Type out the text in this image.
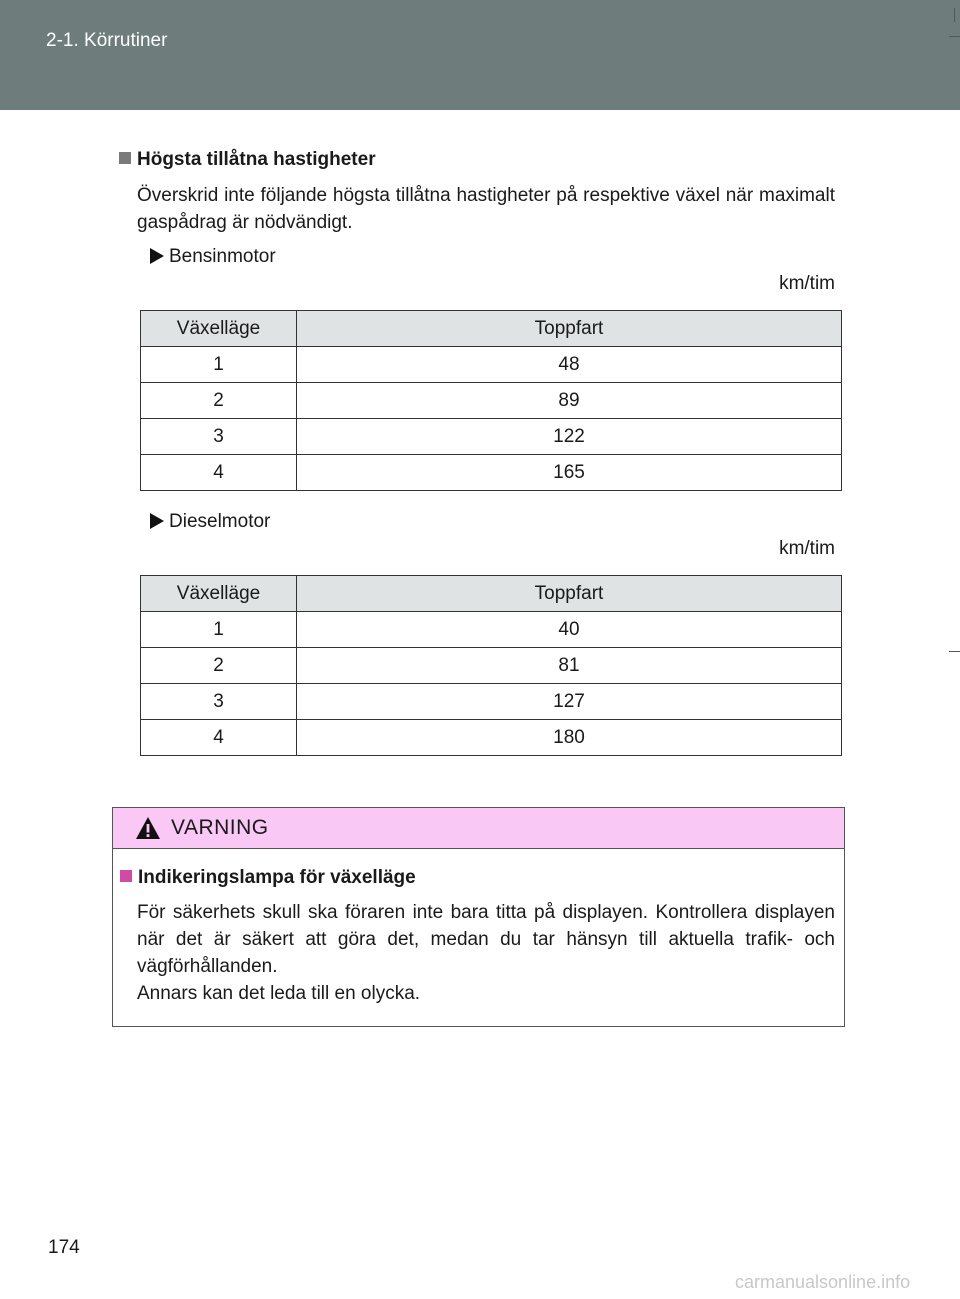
2-1. Körrutiner
Högsta tillåtna hastigheter
Överskrid inte följande högsta tillåtna hastigheter på respektive växel när maximalt gaspådrag är nödvändigt.
Bensinmotor
km/tim
Växelläge	Toppfart
1	48
2	89
3	122
4	165
Dieselmotor
km/tim
Växelläge	Toppfart
1	40
2	81
3	127
4	180
VARNING
Indikeringslampa för växelläge
För säkerhets skull ska föraren inte bara titta på displayen. Kontrollera displayen när det är säkert att göra det, medan du tar hänsyn till aktuella trafik- och vägförhållanden.
Annars kan det leda till en olycka.
174
carmanualsonline.info
